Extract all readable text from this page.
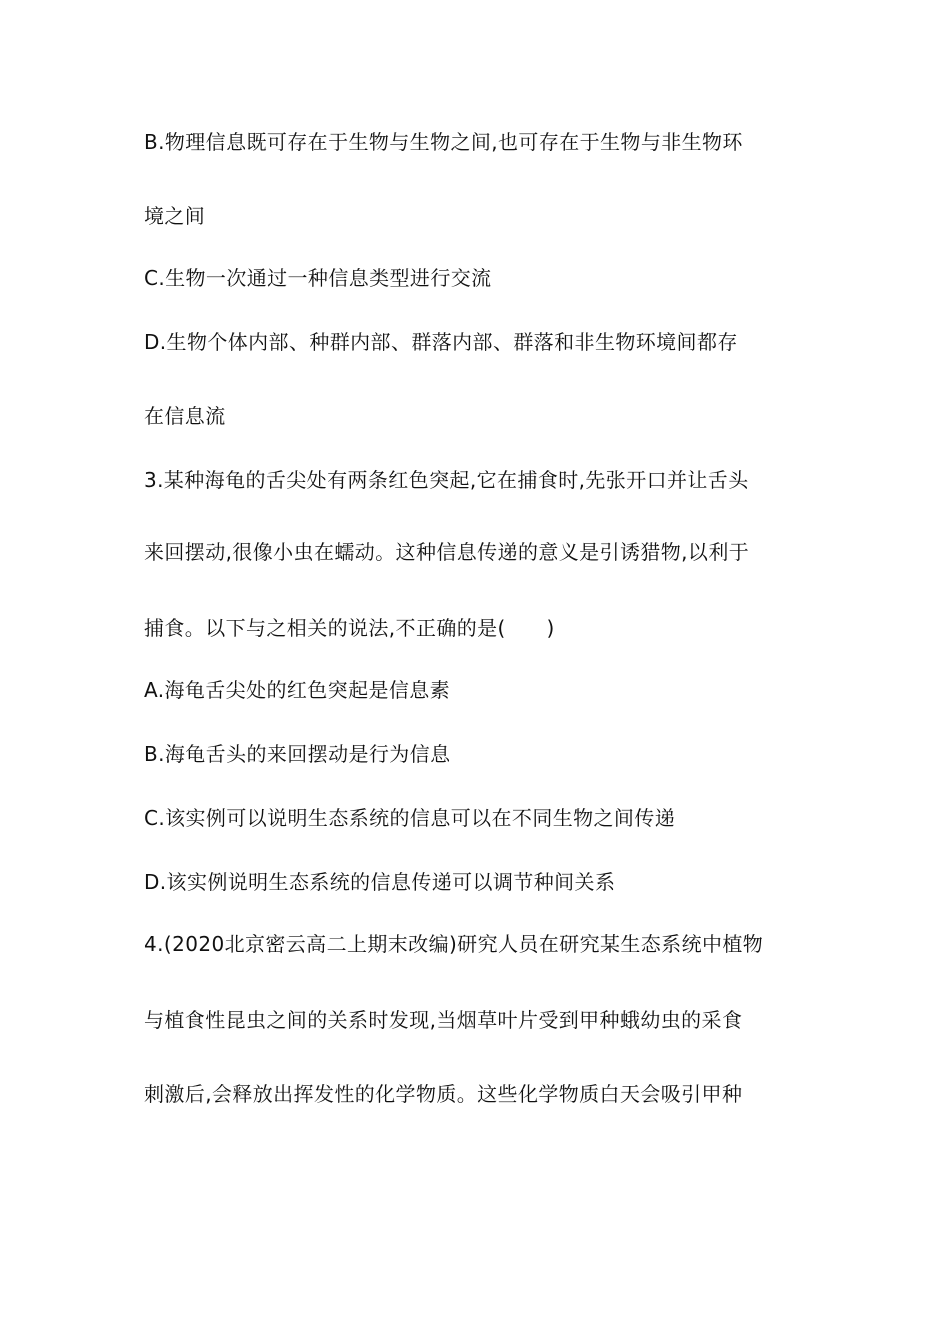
B.物理信息既可存在于生物与生物之间,也可存在于生物与非生物环
境之间
C.生物一次通过一种信息类型进行交流
D.生物个体内部、种群内部、群落内部、群落和非生物环境间都存
在信息流
3.某种海龟的舌尖处有两条红色突起,它在捕食时,先张开口并让舌头
来回摆动,很像小虫在蠕动。这种信息传递的意义是引诱猎物,以利于
捕食。以下与之相关的说法,不正确的是(　　)
A.海龟舌尖处的红色突起是信息素
B.海龟舌头的来回摆动是行为信息
C.该实例可以说明生态系统的信息可以在不同生物之间传递
D.该实例说明生态系统的信息传递可以调节种间关系
4.(2020北京密云高二上期末改编)研究人员在研究某生态系统中植物
与植食性昆虫之间的关系时发现,当烟草叶片受到甲种蛾幼虫的采食
刺激后,会释放出挥发性的化学物质。这些化学物质白天会吸引甲种
